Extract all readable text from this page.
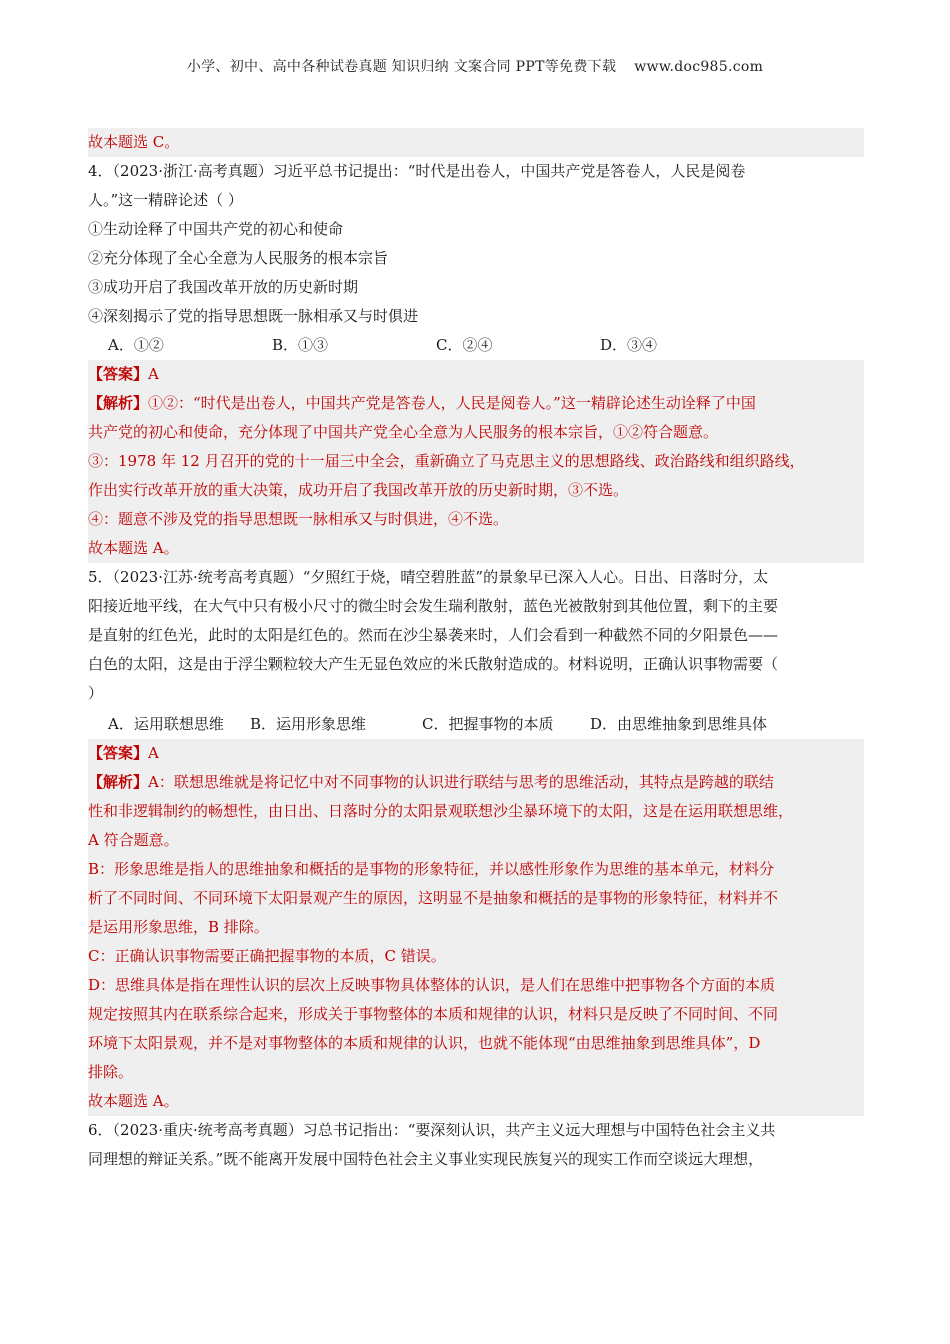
小学、初中、高中各种试卷真题 知识归纳 文案合同 PPT等免费下载 www.doc985.com
故本题选 C。
4．（2023·浙江·高考真题）习近平总书记提出：“时代是出卷人，中国共产党是答卷人，人民是阅卷
人。”这一精辟论述（ ）
①生动诠释了中国共产党的初心和使命
②充分体现了全心全意为人民服务的根本宗旨
③成功开启了我国改革开放的历史新时期
④深刻揭示了党的指导思想既一脉相承又与时俱进
A．①②	B．①③	C．②④	D．③④
【答案】A
【解析】①②：“时代是出卷人，中国共产党是答卷人，人民是阅卷人。”这一精辟论述生动诠释了中国
共产党的初心和使命，充分体现了中国共产党全心全意为人民服务的根本宗旨，①②符合题意。
③：1978 年 12 月召开的党的十一届三中全会，重新确立了马克思主义的思想路线、政治路线和组织路线，
作出实行改革开放的重大决策，成功开启了我国改革开放的历史新时期，③不选。
④：题意不涉及党的指导思想既一脉相承又与时俱进，④不选。
故本题选 A。
5．（2023·江苏·统考高考真题）“夕照红于烧，晴空碧胜蓝”的景象早已深入人心。日出、日落时分，太
阳接近地平线，在大气中只有极小尺寸的微尘时会发生瑞利散射，蓝色光被散射到其他位置，剩下的主要
是直射的红色光，此时的太阳是红色的。然而在沙尘暴袭来时，人们会看到一种截然不同的夕阳景色——
白色的太阳，这是由于浮尘颗粒较大产生无显色效应的米氏散射造成的。材料说明，正确认识事物需要（
）
A．运用联想思维	B．运用形象思维	C．把握事物的本质	D．由思维抽象到思维具体
【答案】A
【解析】A：联想思维就是将记忆中对不同事物的认识进行联结与思考的思维活动，其特点是跨越的联结
性和非逻辑制约的畅想性，由日出、日落时分的太阳景观联想沙尘暴环境下的太阳，这是在运用联想思维，
A 符合题意。
B：形象思维是指人的思维抽象和概括的是事物的形象特征，并以感性形象作为思维的基本单元，材料分
析了不同时间、不同环境下太阳景观产生的原因，这明显不是抽象和概括的是事物的形象特征，材料并不
是运用形象思维，B 排除。
C：正确认识事物需要正确把握事物的本质，C 错误。
D：思维具体是指在理性认识的层次上反映事物具体整体的认识，是人们在思维中把事物各个方面的本质
规定按照其内在联系综合起来，形成关于事物整体的本质和规律的认识，材料只是反映了不同时间、不同
环境下太阳景观，并不是对事物整体的本质和规律的认识，也就不能体现“由思维抽象到思维具体”，D
排除。
故本题选 A。
6．（2023·重庆·统考高考真题）习总书记指出：“要深刻认识，共产主义远大理想与中国特色社会主义共
同理想的辩证关系。”既不能离开发展中国特色社会主义事业实现民族复兴的现实工作而空谈远大理想，
